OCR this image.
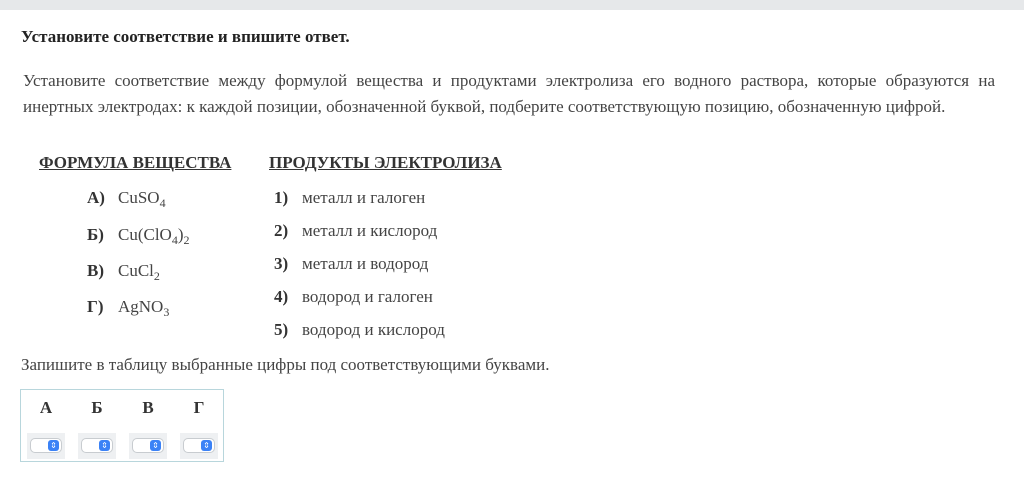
Установите соответствие и впишите ответ.
Установите соответствие между формулой вещества и продуктами электролиза его водного раствора, которые образуются на инертных электродах: к каждой позиции, обозначенной буквой, подберите соответствующую позицию, обозначенную цифрой.
ФОРМУЛА ВЕЩЕСТВА ПРОДУКТЫ ЭЛЕКТРОЛИЗА
А) CuSO$_4$
Б) $Cu(ClO_4)_2$
В) CuCl$_2$
Г) AgNO$_3$
1) металл и галоген
2) металл и кислород
3) металл и водород
4) водород и галоген
5) водород и кислород
Запишите в таблицу выбранные цифры под соответствующими буквами.
А	Б	В	Г
⇕	⇕	⇕	⇕
